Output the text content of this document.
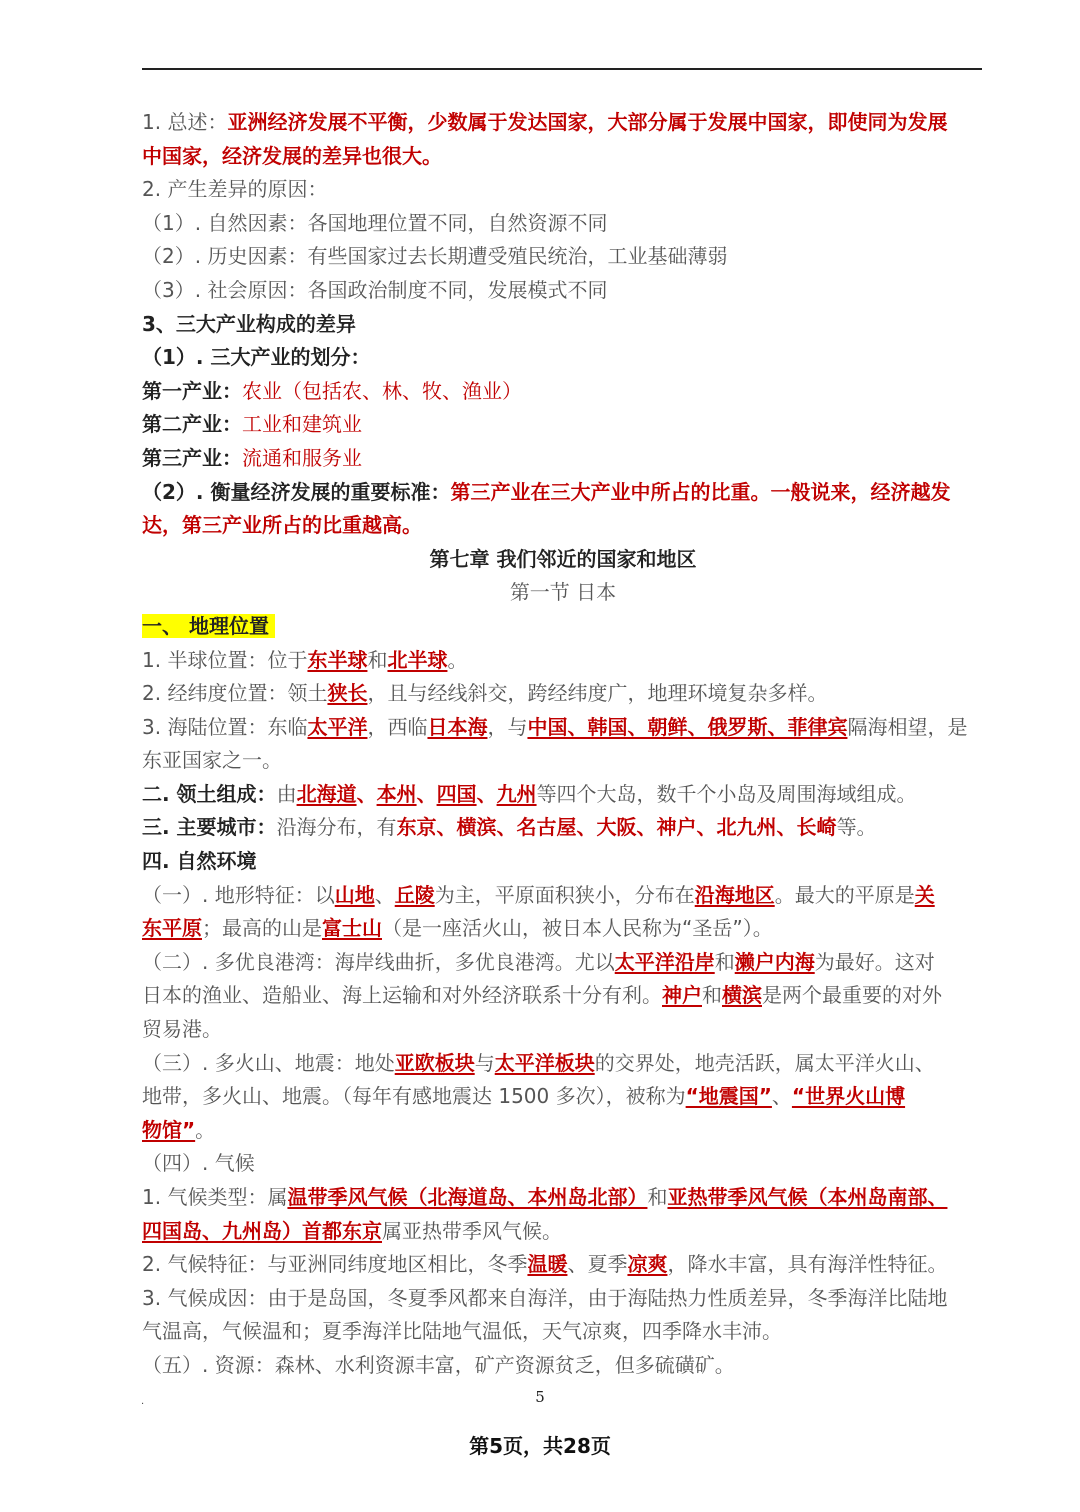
1. 总述：亚洲经济发展不平衡，少数属于发达国家，大部分属于发展中国家，即使同为发展
中国家，经济发展的差异也很大。
2. 产生差异的原因：
（1）. 自然因素：各国地理位置不同，自然资源不同
（2）. 历史因素：有些国家过去长期遭受殖民统治，工业基础薄弱
（3）. 社会原因：各国政治制度不同，发展模式不同
3、三大产业构成的差异
（1）. 三大产业的划分：
第一产业：农业（包括农、林、牧、渔业）
第二产业：工业和建筑业
第三产业：流通和服务业
（2）. 衡量经济发展的重要标准：第三产业在三大产业中所占的比重。一般说来，经济越发
达，第三产业所占的比重越高。
第七章 我们邻近的国家和地区
第一节 日本
一、 地理位置
1. 半球位置：位于东半球和北半球。
2. 经纬度位置：领土狭长，且与经线斜交，跨经纬度广，地理环境复杂多样。
3. 海陆位置：东临太平洋，西临日本海，与中国、韩国、朝鲜、俄罗斯、菲律宾隔海相望，是
东亚国家之一。
二. 领土组成：由北海道、本州、四国、九州等四个大岛，数千个小岛及周围海域组成。
三. 主要城市：沿海分布，有东京、横滨、名古屋、大阪、神户、北九州、长崎等。
四. 自然环境
（一）. 地形特征：以山地、丘陵为主，平原面积狭小，分布在沿海地区。最大的平原是关
东平原；最高的山是富士山（是一座活火山，被日本人民称为“圣岳”）。
（二）. 多优良港湾：海岸线曲折，多优良港湾。尤以太平洋沿岸和濑户内海为最好。这对
日本的渔业、造船业、海上运输和对外经济联系十分有利。神户和横滨是两个最重要的对外
贸易港。
（三）. 多火山、地震：地处亚欧板块与太平洋板块的交界处，地壳活跃，属太平洋火山、
地带，多火山、地震。（每年有感地震达 1500 多次），被称为“地震国”、“世界火山博
物馆”。
（四）. 气候
1. 气候类型：属温带季风气候（北海道岛、本州岛北部）和亚热带季风气候（本州岛南部、
四国岛、九州岛）首都东京属亚热带季风气候。
2. 气候特征：与亚洲同纬度地区相比，冬季温暖、夏季凉爽，降水丰富，具有海洋性特征。
3. 气候成因：由于是岛国，冬夏季风都来自海洋，由于海陆热力性质差异，冬季海洋比陆地
气温高，气候温和；夏季海洋比陆地气温低，天气凉爽，四季降水丰沛。
（五）. 资源：森林、水利资源丰富，矿产资源贫乏，但多硫磺矿。
.	5
第5页，共28页
